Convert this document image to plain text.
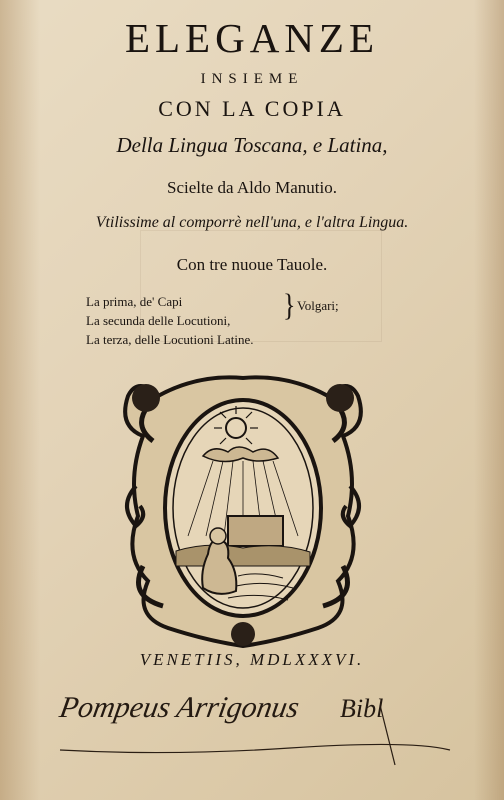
ELEGANZE
INSIEME
CON LA COPIA
Della Lingua Toscana, e Latina,
Scielte da Aldo Manutio.
Vtilissime al comporrè nell'una, e l'altra Lingua.
Con tre nuoue Tauole.
La prima, de' Capi
La secunda delle Locutioni,
La terza, delle Locutioni Latine.
} Volgari;
VENETIIS, MDLXXXVI.
Pompeus Arrigonus Bibl
